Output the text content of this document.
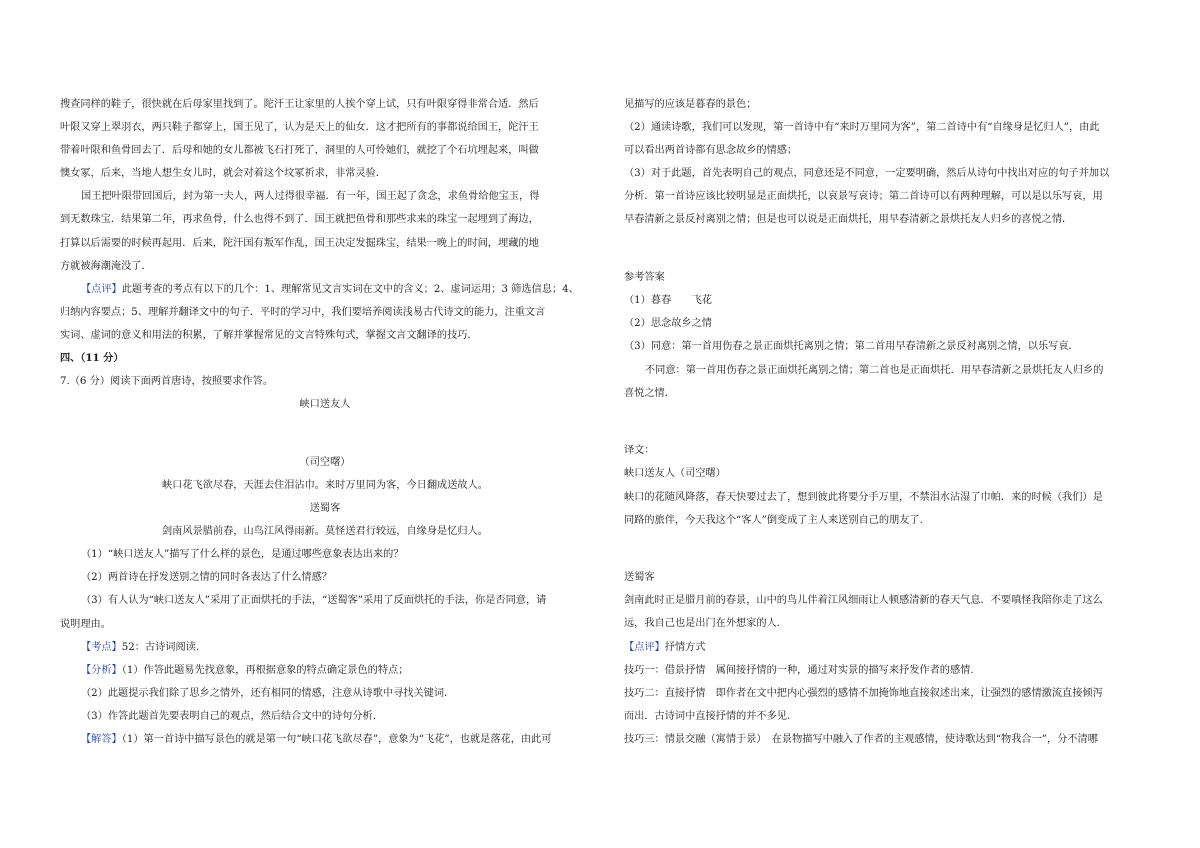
搜查同样的鞋子，很快就在后母家里找到了。陀汗王让家里的人挨个穿上试，只有叶限穿得非常合适．然后
叶限又穿上翠羽衣，两只鞋子都穿上，国王见了，认为是天上的仙女．这才把所有的事都说给国王，陀汗王
带着叶限和鱼骨回去了．后母和她的女儿都被飞石打死了，洞里的人可怜她们，就挖了个石坑埋起来，叫做
懊女冢，后来，当地人想生女儿时，就会对着这个坟冢祈求，非常灵验．
国王把叶限带回国后，封为第一夫人，两人过得很幸福．有一年，国王起了贪念，求鱼骨给他宝玉，得
到无数珠宝．结果第二年，再求鱼骨，什么也得不到了．国王就把鱼骨和那些求来的珠宝一起埋到了海边，
打算以后需要的时候再起用．后来，陀汗国有叛军作乱，国王决定发掘珠宝，结果一晚上的时间，埋藏的地
方就被海潮淹没了．
【点评】此题考查的考点有以下的几个：1、理解常见文言实词在文中的含义；2、虚词运用；3 筛选信息；4、
归纳内容要点；5、理解并翻译文中的句子．平时的学习中，我们要培养阅读浅易古代诗文的能力，注重文言
实词、虚词的意义和用法的积累，了解并掌握常见的文言特殊句式，掌握文言文翻译的技巧．
四、（11 分）
7.（6 分）阅读下面两首唐诗，按照要求作答。
峡口送友人
（司空曙）
峡口花飞欲尽春，天涯去住泪沾巾。来时万里同为客，今日翻成送故人。
送蜀客
剑南风景腊前春，山鸟江风得雨新。莫怪送君行较远，自缘身是忆归人。
（1）“峡口送友人”描写了什么样的景色，是通过哪些意象表达出来的？
（2）两首诗在抒发送别之情的同时各表达了什么情感？
（3）有人认为“峡口送友人”采用了正面烘托的手法，“送蜀客”采用了反面烘托的手法，你是否同意，请
说明理由。
【考点】52：古诗词阅读.
【分析】（1）作答此题易先找意象，再根据意象的特点确定景色的特点；
（2）此题提示我们除了思乡之情外，还有相同的情感，注意从诗歌中寻找关键词．
（3）作答此题首先要表明自己的观点，然后结合文中的诗句分析．
【解答】（1）第一首诗中描写景色的就是第一句“峡口花飞欲尽春”，意象为“飞花”，也就是落花，由此可
见描写的应该是暮春的景色；
（2）通读诗歌，我们可以发现，第一首诗中有“来时万里同为客”，第二首诗中有“自缘身是忆归人”，由此
可以看出两首诗都有思念故乡的情感；
（3）对于此题，首先表明自己的观点，同意还是不同意，一定要明确，然后从诗句中找出对应的句子并加以
分析．第一首诗应该比较明显是正面烘托，以哀景写哀诗；第二首诗可以有两种理解，可以是以乐写哀，用
早春清新之景反衬离别之情；但是也可以说是正面烘托，用早春清新之景烘托友人归乡的喜悦之情．
参考答案
（1）暮春　　飞花
（2）思念故乡之情
（3）同意：第一首用伤春之景正面烘托离别之情；第二首用早春清新之景反衬离别之情，以乐写哀．
不同意：第一首用伤春之景正面烘托离别之情；第二首也是正面烘托．用早春清新之景烘托友人归乡的
喜悦之情．
译文：
峡口送友人（司空曙）
峡口的花随风降落，春天快要过去了，想到彼此将要分手万里，不禁泪水沾湿了巾帕．来的时候（我们）是
同路的旅伴，今天我这个“客人”倒变成了主人来送别自己的朋友了.
送蜀客
剑南此时正是腊月前的春景，山中的鸟儿伴着江风细雨让人顿感清新的春天气息．不要嗔怪我陪你走了这么
远，我自己也是出门在外想家的人.
【点评】抒情方式
技巧一：借景抒情　属间接抒情的一种，通过对实景的描写来抒发作者的感情.
技巧二：直接抒情　即作者在文中把内心强烈的感情不加掩饰地直接叙述出来，让强烈的感情激流直接倾泻
而出．古诗词中直接抒情的并不多见.
技巧三：情景交融（寓情于景）　在景物描写中融入了作者的主观感情，使诗歌达到“物我合一”，分不清哪
